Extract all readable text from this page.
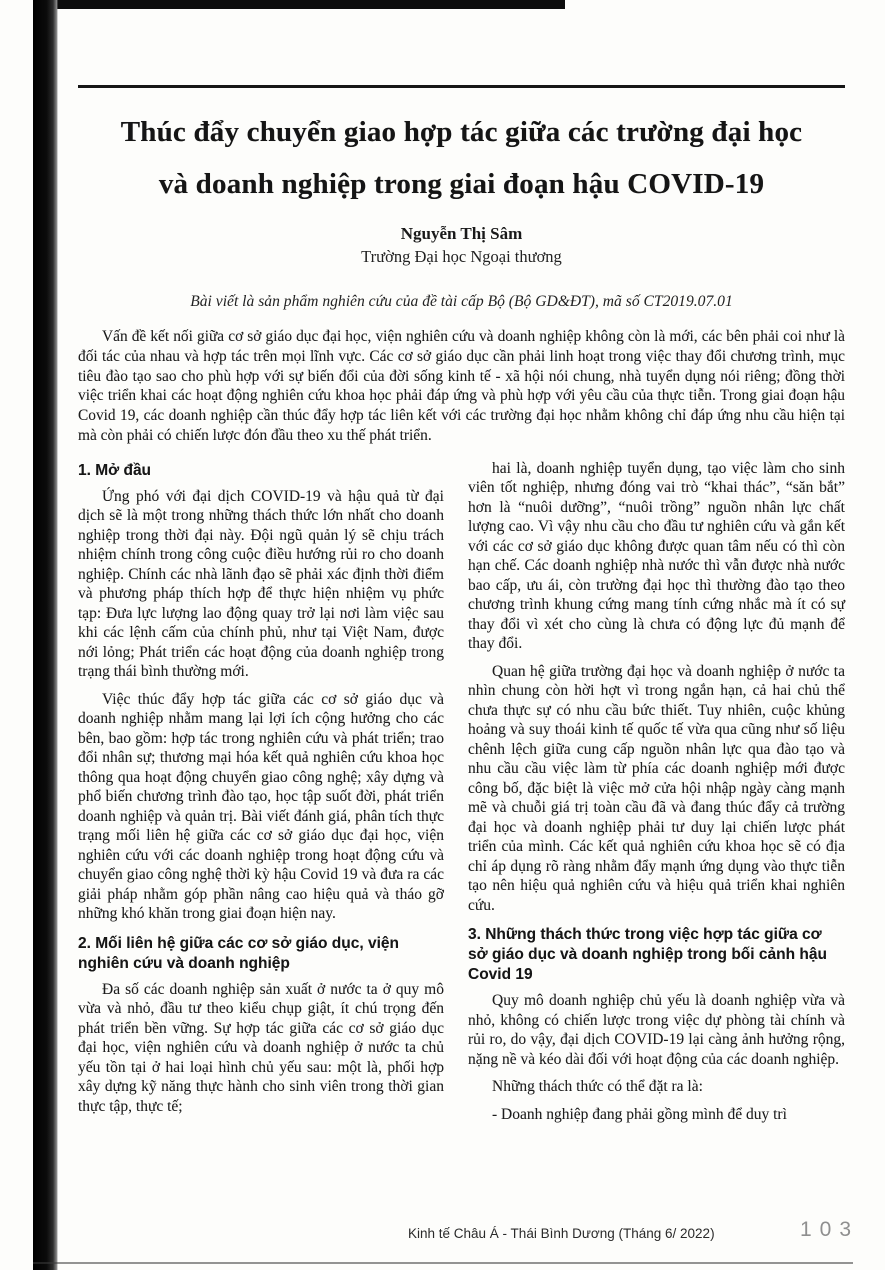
Thúc đẩy chuyển giao hợp tác giữa các trường đại học
và doanh nghiệp trong giai đoạn hậu COVID-19
Nguyễn Thị Sâm
Trường Đại học Ngoại thương
Bài viết là sản phẩm nghiên cứu của đề tài cấp Bộ (Bộ GD&ĐT), mã số CT2019.07.01

Vấn đề kết nối giữa cơ sở giáo dục đại học, viện nghiên cứu và doanh nghiệp không còn là mới, các bên phải coi như là đối tác của nhau và hợp tác trên mọi lĩnh vực. Các cơ sở giáo dục cần phải linh hoạt trong việc thay đổi chương trình, mục tiêu đào tạo sao cho phù hợp với sự biến đổi của đời sống kinh tế - xã hội nói chung, nhà tuyển dụng nói riêng; đồng thời việc triển khai các hoạt động nghiên cứu khoa học phải đáp ứng và phù hợp với yêu cầu của thực tiễn. Trong giai đoạn hậu Covid 19, các doanh nghiệp cần thúc đẩy hợp tác liên kết với các trường đại học nhằm không chỉ đáp ứng nhu cầu hiện tại mà còn phải có chiến lược đón đầu theo xu thế phát triển.

1. Mở đầu

Ứng phó với đại dịch COVID-19 và hậu quả từ đại dịch sẽ là một trong những thách thức lớn nhất cho doanh nghiệp trong thời đại này. Đội ngũ quản lý sẽ chịu trách nhiệm chính trong công cuộc điều hướng rủi ro cho doanh nghiệp. Chính các nhà lãnh đạo sẽ phải xác định thời điểm và phương pháp thích hợp để thực hiện nhiệm vụ phức tạp: Đưa lực lượng lao động quay trở lại nơi làm việc sau khi các lệnh cấm của chính phủ, như tại Việt Nam, được nới lỏng; Phát triển các hoạt động của doanh nghiệp trong trạng thái bình thường mới.

Việc thúc đẩy hợp tác giữa các cơ sở giáo dục và doanh nghiệp nhằm mang lại lợi ích cộng hưởng cho các bên, bao gồm: hợp tác trong nghiên cứu và phát triển; trao đổi nhân sự; thương mại hóa kết quả nghiên cứu khoa học thông qua hoạt động chuyển giao công nghệ; xây dựng và phổ biến chương trình đào tạo, học tập suốt đời, phát triển doanh nghiệp và quản trị. Bài viết đánh giá, phân tích thực trạng mối liên hệ giữa các cơ sở giáo dục đại học, viện nghiên cứu với các doanh nghiệp trong hoạt động cứu và chuyển giao công nghệ thời kỳ hậu Covid 19 và đưa ra các giải pháp nhằm góp phần nâng cao hiệu quả và tháo gỡ những khó khăn trong giai đoạn hiện nay.

2. Mối liên hệ giữa các cơ sở giáo dục, viện nghiên cứu và doanh nghiệp

Đa số các doanh nghiệp sản xuất ở nước ta ở quy mô vừa và nhỏ, đầu tư theo kiểu chụp giật, ít chú trọng đến phát triển bền vững. Sự hợp tác giữa các cơ sở giáo dục đại học, viện nghiên cứu và doanh nghiệp ở nước ta chủ yếu tồn tại ở hai loại hình chủ yếu sau: một là, phối hợp xây dựng kỹ năng thực hành cho sinh viên trong thời gian thực tập, thực tế;

hai là, doanh nghiệp tuyển dụng, tạo việc làm cho sinh viên tốt nghiệp, nhưng đóng vai trò “khai thác”, “săn bắt” hơn là “nuôi dưỡng”, “nuôi trồng” nguồn nhân lực chất lượng cao. Vì vậy nhu cầu cho đầu tư nghiên cứu và gắn kết với các cơ sở giáo dục không được quan tâm nếu có thì còn hạn chế. Các doanh nghiệp nhà nước thì vẫn được nhà nước bao cấp, ưu ái, còn trường đại học thì thường đào tạo theo chương trình khung cứng mang tính cứng nhắc mà ít có sự thay đổi vì xét cho cùng là chưa có động lực đủ mạnh để thay đổi.

Quan hệ giữa trường đại học và doanh nghiệp ở nước ta nhìn chung còn hời hợt vì trong ngắn hạn, cả hai chủ thể chưa thực sự có nhu cầu bức thiết. Tuy nhiên, cuộc khủng hoảng và suy thoái kinh tế quốc tế vừa qua cũng như số liệu chênh lệch giữa cung cấp nguồn nhân lực qua đào tạo và nhu cầu cầu việc làm từ phía các doanh nghiệp mới được công bố, đặc biệt là việc mở cửa hội nhập ngày càng mạnh mẽ và chuỗi giá trị toàn cầu đã và đang thúc đẩy cả trường đại học và doanh nghiệp phải tư duy lại chiến lược phát triển của mình. Các kết quả nghiên cứu khoa học sẽ có địa chỉ áp dụng rõ ràng nhằm đẩy mạnh ứng dụng vào thực tiễn tạo nên hiệu quả nghiên cứu và hiệu quả triển khai nghiên cứu.

3. Những thách thức trong việc hợp tác giữa cơ sở giáo dục và doanh nghiệp trong bối cảnh hậu Covid 19

Quy mô doanh nghiệp chủ yếu là doanh nghiệp vừa và nhỏ, không có chiến lược trong việc dự phòng tài chính và rủi ro, do vậy, đại dịch COVID-19 lại càng ảnh hưởng rộng, nặng nề và kéo dài đối với hoạt động của các doanh nghiệp.

Những thách thức có thể đặt ra là:

- Doanh nghiệp đang phải gồng mình để duy trì

Kinh tế Châu Á - Thái Bình Dương (Tháng 6/ 2022)	103
